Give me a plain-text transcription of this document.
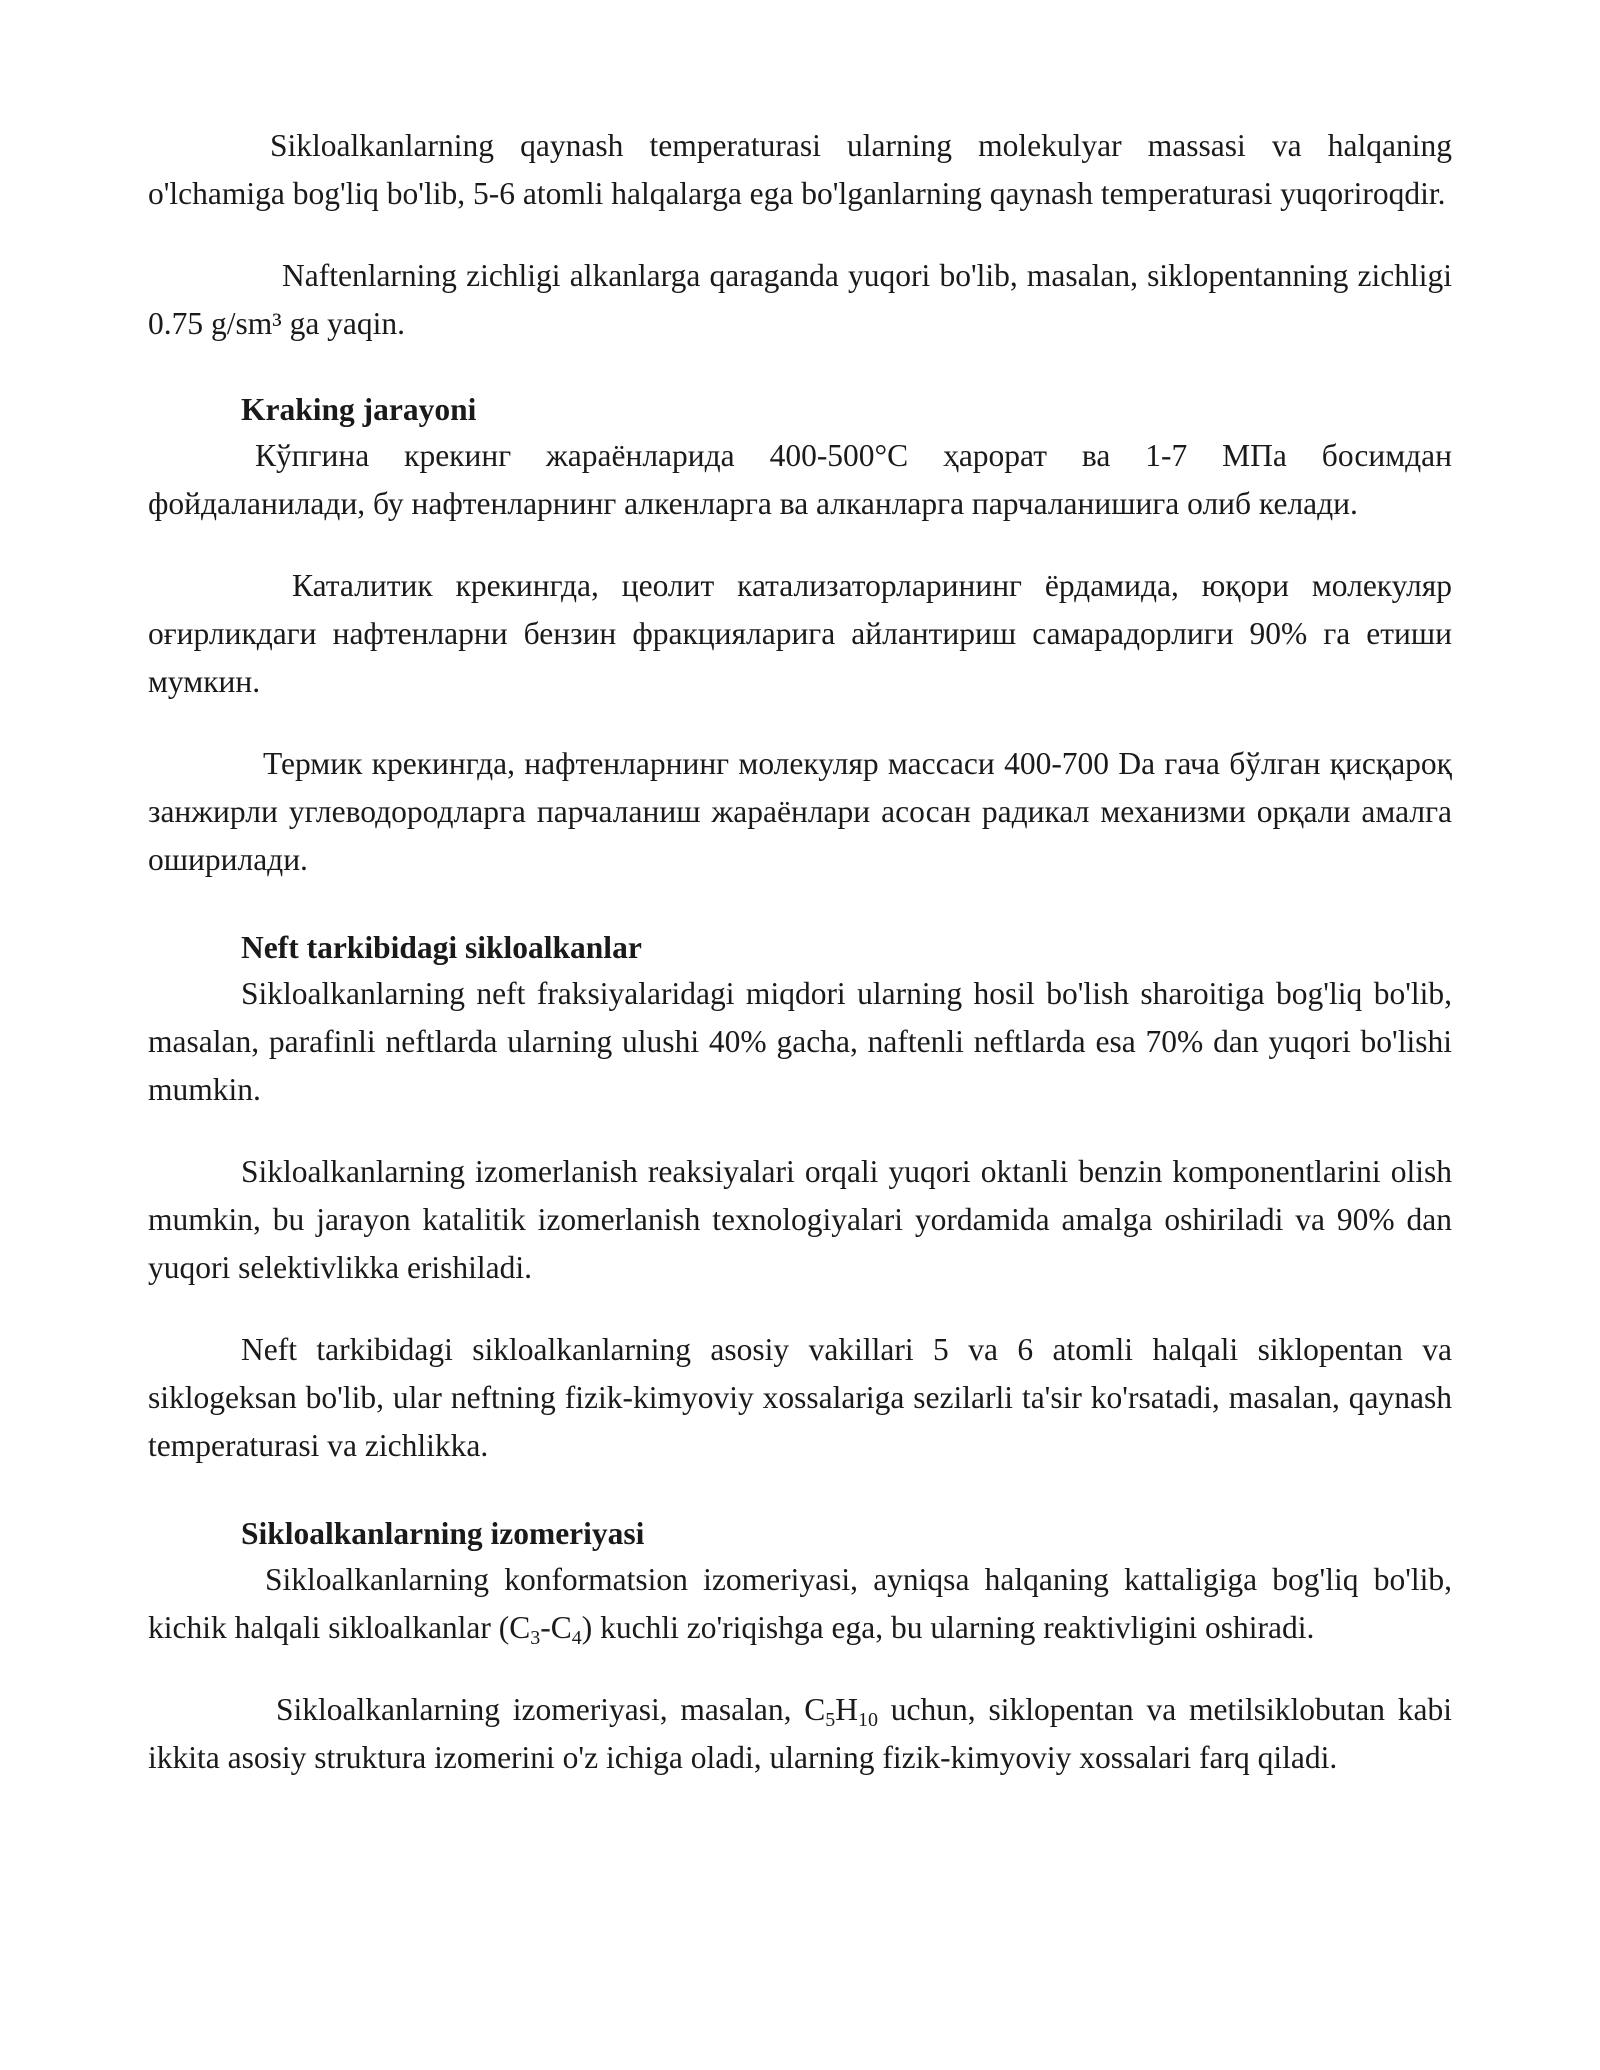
Sikloalkanlarning qaynash temperaturasi ularning molekulyar massasi va halqaning o'lchamiga bog'liq bo'lib, 5-6 atomli halqalarga ega bo'lganlarning qaynash temperaturasi yuqoriroqdir.

Naftenlarning zichligi alkanlarga qaraganda yuqori bo'lib, masalan, siklopentanning zichligi 0.75 g/sm³ ga yaqin.

Kraking jarayoni

Кўпгина крекинг жараёнларида 400-500°C ҳарорат ва 1-7 МПа босимдан фойдаланилади, бу нафтенларнинг алкенларга ва алканларга парчаланишига олиб келади.

Каталитик крекингда, цеолит катализаторларининг ёрдамида, юқори молекуляр оғирликдаги нафтенларни бензин фракцияларига айлантириш самарадорлиги 90% га етиши мумкин.

Термик крекингда, нафтенларнинг молекуляр массаси 400-700 Da гача бўлган қисқароқ занжирли углеводородларга парчаланиш жараёнлари асосан радикал механизми орқали амалга оширилади.

Neft tarkibidagi sikloalkanlar

Sikloalkanlarning neft fraksiyalaridagi miqdori ularning hosil bo'lish sharoitiga bog'liq bo'lib, masalan, parafinli neftlarda ularning ulushi 40% gacha, naftenli neftlarda esa 70% dan yuqori bo'lishi mumkin.

Sikloalkanlarning izomerlanish reaksiyalari orqali yuqori oktanli benzin komponentlarini olish mumkin, bu jarayon katalitik izomerlanish texnologiyalari yordamida amalga oshiriladi va 90% dan yuqori selektivlikka erishiladi.

Neft tarkibidagi sikloalkanlarning asosiy vakillari 5 va 6 atomli halqali siklopentan va siklogeksan bo'lib, ular neftning fizik-kimyoviy xossalariga sezilarli ta'sir ko'rsatadi, masalan, qaynash temperaturasi va zichlikka.

Sikloalkanlarning izomeriyasi

Sikloalkanlarning konformatsion izomeriyasi, ayniqsa halqaning kattaligiga bog'liq bo'lib, kichik halqali sikloalkanlar $(C_3-C_4)$ kuchli zo'riqishga ega, bu ularning reaktivligini oshiradi.

Sikloalkanlarning izomeriyasi, masalan, $C_5H_{10}$ uchun, siklopentan va metilsiklobutan kabi ikkita asosiy struktura izomerini o'z ichiga oladi, ularning fizik-kimyoviy xossalari farq qiladi.
